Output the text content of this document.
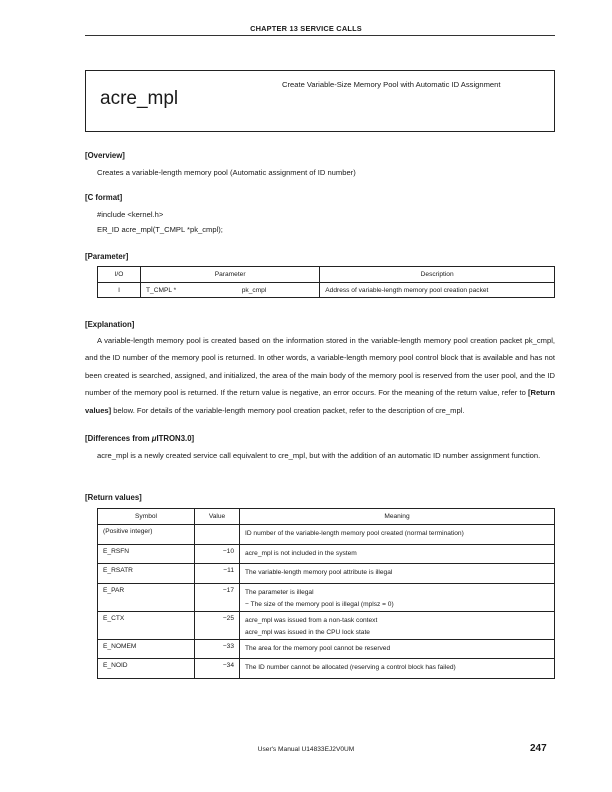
CHAPTER 13 SERVICE CALLS
acre_mpl
Create Variable-Size Memory Pool with Automatic ID Assignment
[Overview]
Creates a variable-length memory pool (Automatic assignment of ID number)
[C format]
#include <kernel.h>
ER_ID acre_mpl(T_CMPL *pk_cmpl);
[Parameter]
I/O	Parameter		Description
I	T_CMPL *	pk_cmpl	Address of variable-length memory pool creation packet
[Explanation]
A variable-length memory pool is created based on the information stored in the variable-length memory pool creation packet pk_cmpl, and the ID number of the memory pool is returned. In other words, a variable-length memory pool control block that is available and has not been created is searched, assigned, and initialized, the area of the main body of the memory pool is reserved from the user pool, and the ID number of the memory pool is returned. If the return value is negative, an error occurs. For the meaning of the return value, refer to [Return values] below. For details of the variable-length memory pool creation packet, refer to the description of cre_mpl.
[Differences from μITRON3.0]
acre_mpl is a newly created service call equivalent to cre_mpl, but with the addition of an automatic ID number assignment function.
[Return values]
Symbol	Value	Meaning
(Positive integer)		ID number of the variable-length memory pool created (normal termination)

E_RSFN	−10	acre_mpl is not included in the system

E_RSATR	−11	The variable-length memory pool attribute is illegal

E_PAR	−17	The parameter is illegal
− The size of the memory pool is illegal (mplsz = 0)

E_CTX	−25	acre_mpl was issued from a non-task context
acre_mpl was issued in the CPU lock state

E_NOMEM	−33	The area for the memory pool cannot be reserved

E_NOID	−34	The ID number cannot be allocated (reserving a control block has failed)
User's Manual U14833EJ2V0UM	247
